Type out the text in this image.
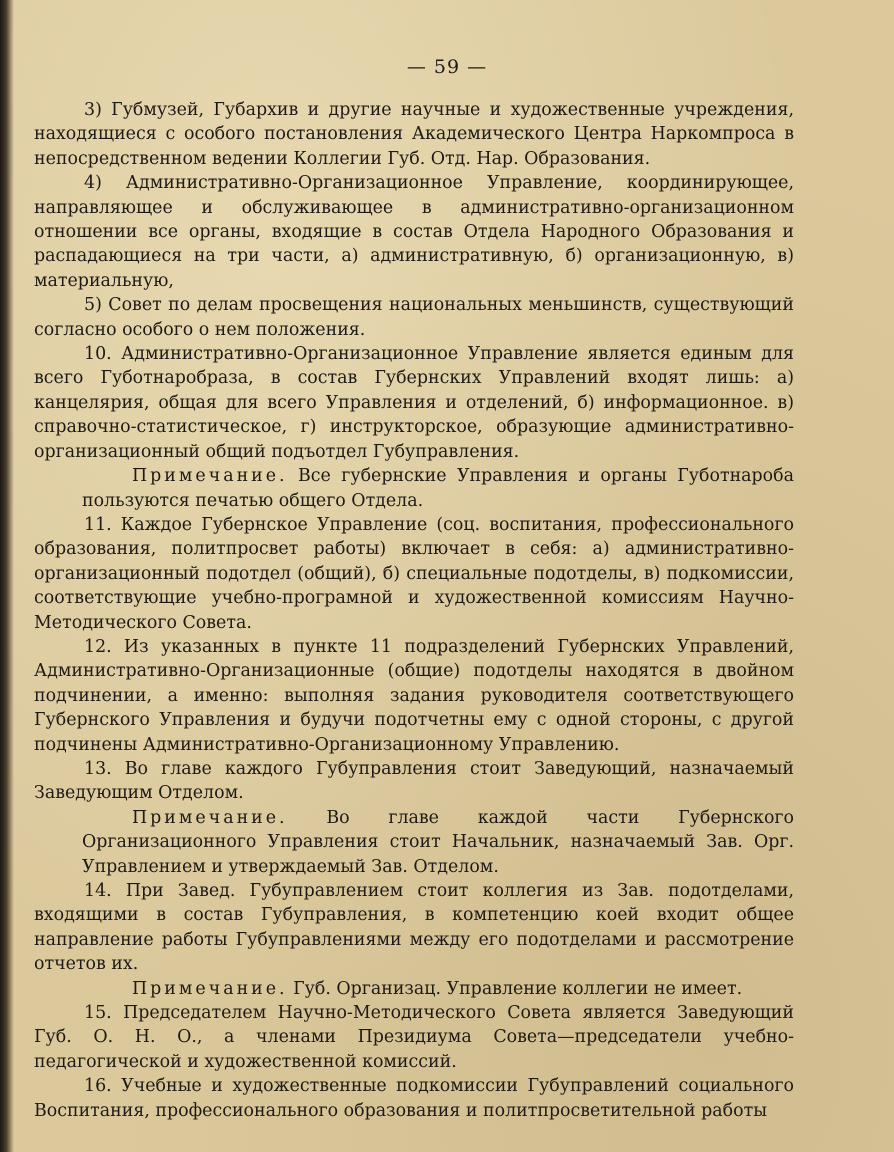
— 59 —

3) Губмузей, Губархив и другие научные и художественные учреждения, находящиеся с особого постановления Академического Центра Наркомпроса в непосредственном ведении Коллегии Губ. Отд. Нар. Образования.

4) Административно-Организационное Управление, координирующее, направляющее и обслуживающее в административно-организационном отношении все органы, входящие в состав Отдела Народного Образования и распадающиеся на три части, а) административную, б) организационную, в) материальную,

5) Совет по делам просвещения национальных меньшинств, существующий согласно особого о нем положения.

10. Административно-Организационное Управление является единым для всего Губотнаробраза, в состав Губернских Управлений входят лишь: а) канцелярия, общая для всего Управления и отделений, б) информационное. в) справочно-статистическое, г) инструкторское, образующие административно-организационный общий подъотдел Губуправления.

Примечание. Все губернские Управления и органы Губотнароба пользуются печатью общего Отдела.

11. Каждое Губернское Управление (соц. воспитания, профессионального образования, политпросвет работы) включает в себя: а) административно-организационный подотдел (общий), б) специальные подотделы, в) подкомиссии, соответствующие учебно-програмной и художественной комиссиям Научно-Методического Совета.

12. Из указанных в пункте 11 подразделений Губернских Управлений, Административно-Организационные (общие) подотделы находятся в двойном подчинении, а именно: выполняя задания руководителя соответствующего Губернского Управления и будучи подотчетны ему с одной стороны, с другой подчинены Административно-Организационному Управлению.

13. Во главе каждого Губуправления стоит Заведующий, назначаемый Заведующим Отделом.

Примечание. Во главе каждой части Губернского Организационного Управления стоит Начальник, назначаемый Зав. Орг. Управлением и утверждаемый Зав. Отделом.

14. При Завед. Губуправлением стоит коллегия из Зав. подотделами, входящими в состав Губуправления, в компетенцию коей входит общее направление работы Губуправлениями между его подотделами и рассмотрение отчетов их.

Примечание. Губ. Организац. Управление коллегии не имеет.

15. Председателем Научно-Методического Совета является Заведующий Губ. О. Н. О., а членами Президиума Совета—председатели учебно-педагогической и художественной комиссий.

16. Учебные и художественные подкомиссии Губуправлений социального Воспитания, профессионального образования и политпросветительной работы
